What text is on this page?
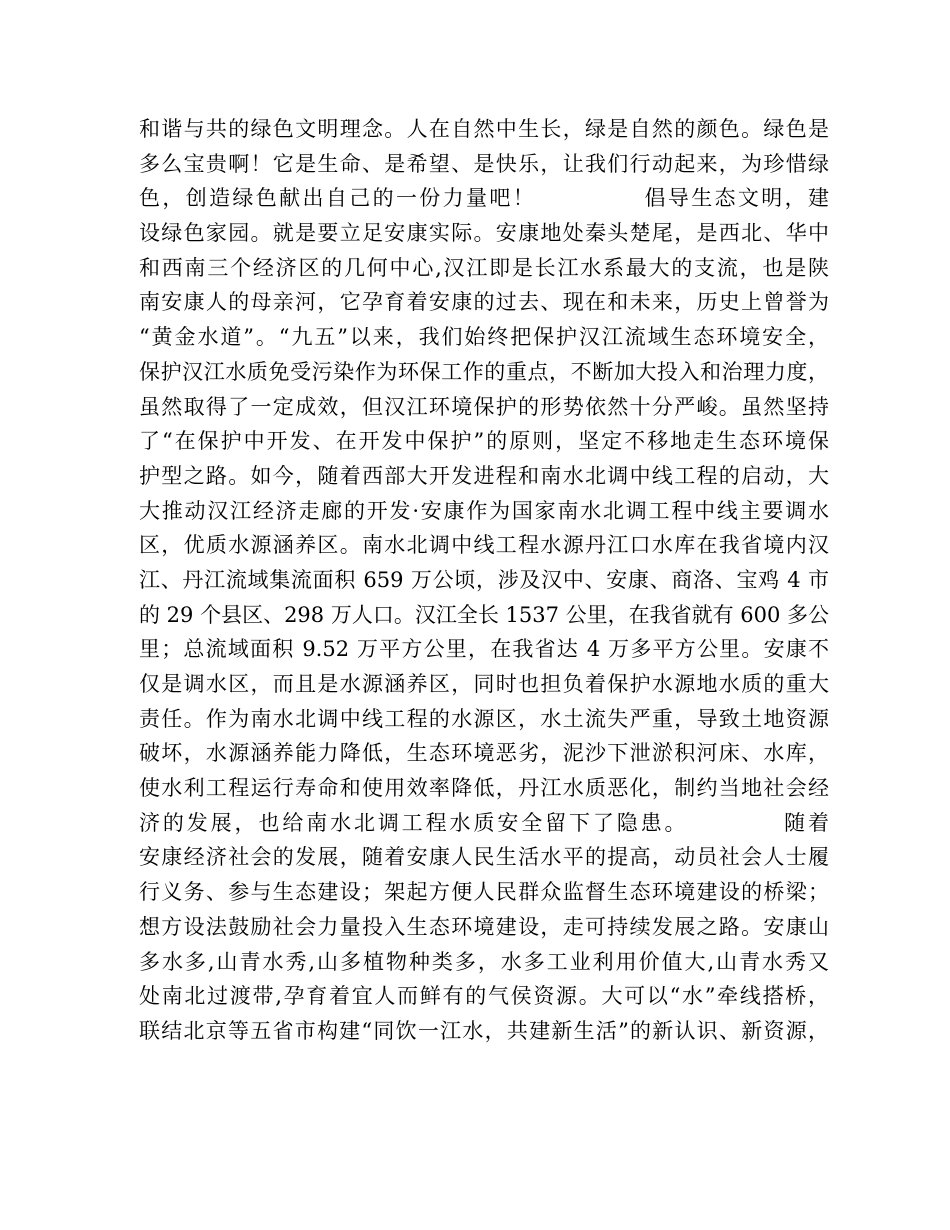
和谐与共的绿色文明理念。人在自然中生长，绿是自然的颜色。绿色是
多么宝贵啊！它是生命、是希望、是快乐，让我们行动起来，为珍惜绿
色，创造绿色献出自己的一份力量吧！            倡导生态文明，建
设绿色家园。就是要立足安康实际。安康地处秦头楚尾，是西北、华中
和西南三个经济区的几何中心,汉江即是长江水系最大的支流，也是陕
南安康人的母亲河，它孕育着安康的过去、现在和未来，历史上曾誉为
“黄金水道”。“九五”以来，我们始终把保护汉江流域生态环境安全，
保护汉江水质免受污染作为环保工作的重点，不断加大投入和治理力度，
虽然取得了一定成效，但汉江环境保护的形势依然十分严峻。虽然坚持
了“在保护中开发、在开发中保护”的原则，坚定不移地走生态环境保
护型之路。如今，随着西部大开发进程和南水北调中线工程的启动，大
大推动汉江经济走廊的开发·安康作为国家南水北调工程中线主要调水
区，优质水源涵养区。南水北调中线工程水源丹江口水库在我省境内汉
江、丹江流域集流面积 659 万公顷，涉及汉中、安康、商洛、宝鸡 4 市
的 29 个县区、298 万人口。汉江全长 1537 公里，在我省就有 600 多公
里；总流域面积 9.52 万平方公里，在我省达 4 万多平方公里。安康不
仅是调水区，而且是水源涵养区，同时也担负着保护水源地水质的重大
责任。作为南水北调中线工程的水源区，水土流失严重，导致土地资源
破坏，水源涵养能力降低，生态环境恶劣，泥沙下泄淤积河床、水库，
使水利工程运行寿命和使用效率降低，丹江水质恶化，制约当地社会经
济的发展，也给南水北调工程水质安全留下了隐患。          随着
安康经济社会的发展，随着安康人民生活水平的提高，动员社会人士履
行义务、参与生态建设；架起方便人民群众监督生态环境建设的桥梁；
想方设法鼓励社会力量投入生态环境建设，走可持续发展之路。安康山
多水多,山青水秀,山多植物种类多，水多工业利用价值大,山青水秀又
处南北过渡带,孕育着宜人而鲜有的气侯资源。大可以“水”牵线搭桥，
联结北京等五省市构建“同饮一江水，共建新生活”的新认识、新资源，
